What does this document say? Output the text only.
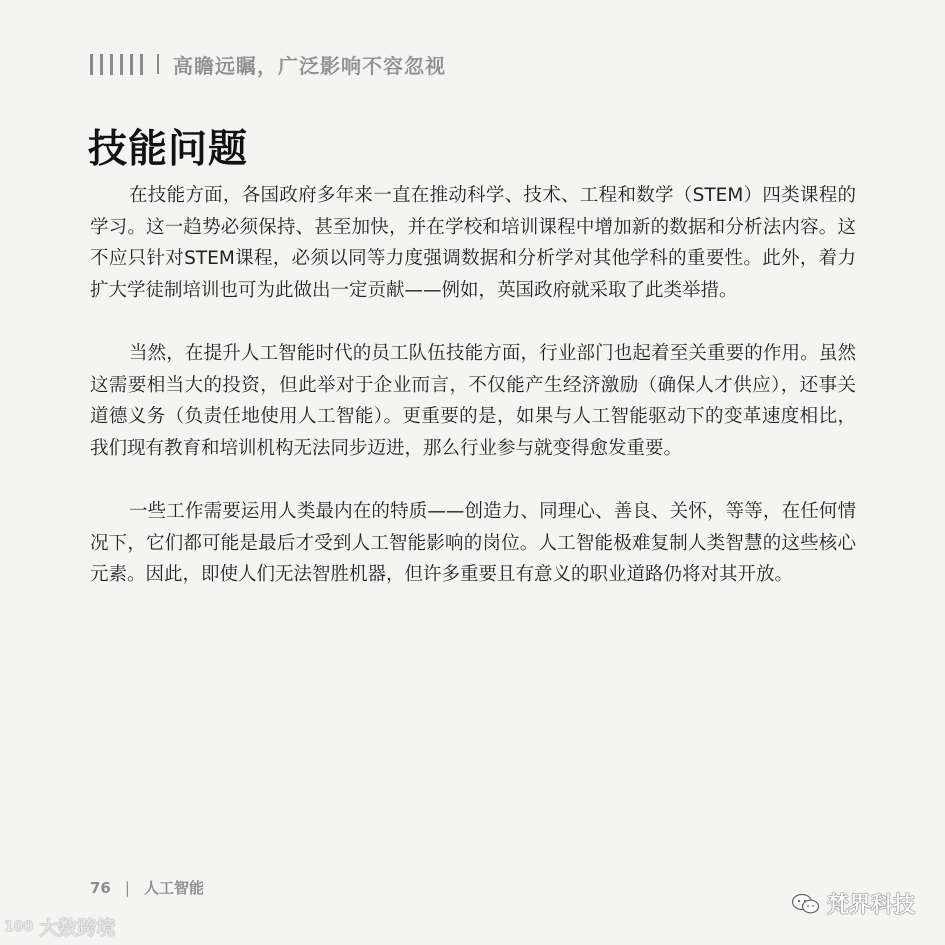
高瞻远瞩，广泛影响不容忽视
技能问题

在技能方面，各国政府多年来一直在推动科学、技术、工程和数学（STEM）四类课程的学习。这一趋势必须保持、甚至加快，并在学校和培训课程中增加新的数据和分析法内容。这不应只针对STEM课程，必须以同等力度强调数据和分析学对其他学科的重要性。此外，着力扩大学徒制培训也可为此做出一定贡献——例如，英国政府就采取了此类举措。

当然，在提升人工智能时代的员工队伍技能方面，行业部门也起着至关重要的作用。虽然这需要相当大的投资，但此举对于企业而言，不仅能产生经济激励（确保人才供应），还事关道德义务（负责任地使用人工智能）。更重要的是，如果与人工智能驱动下的变革速度相比，我们现有教育和培训机构无法同步迈进，那么行业参与就变得愈发重要。

一些工作需要运用人类最内在的特质——创造力、同理心、善良、关怀，等等，在任何情况下，它们都可能是最后才受到人工智能影响的岗位。人工智能极难复制人类智慧的这些核心元素。因此，即使人们无法智胜机器，但许多重要且有意义的职业道路仍将对其开放。

76 | 人工智能
100 大数跨境
梵界科技
